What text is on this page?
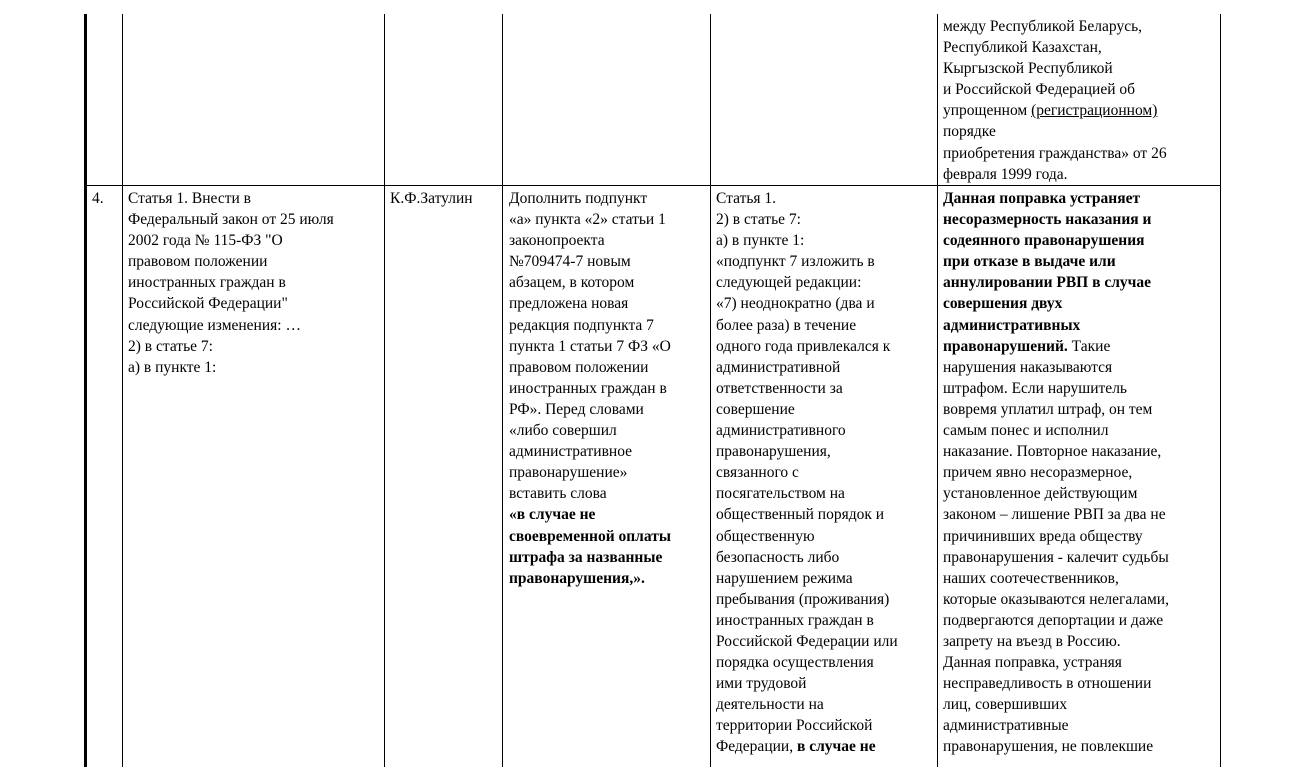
между Республикой Беларусь,
Республикой Казахстан,
Кыргызской Республикой
и Российской Федерацией об
упрощенном (регистрационном)
порядке
приобретения гражданства» от 26
февраля 1999 года.
4.	Статья 1. Внести в
Федеральный закон от 25 июля
2002 года № 115-ФЗ "О
правовом положении
иностранных граждан в
Российской Федерации"
следующие изменения: …
2) в статье 7:
а) в пункте 1:
К.Ф.Затулин	Дополнить подпункт
«а» пункта «2» статьи 1
законопроекта
№709474-7 новым
абзацем, в котором
предложена новая
редакция подпункта 7
пункта 1 статьи 7 ФЗ «О
правовом положении
иностранных граждан в
РФ». Перед словами
«либо совершил
административное
правонарушение»
вставить слова
«в случае не
своевременной оплаты
штрафа за названные
правонарушения,».
Статья 1.
2) в статье 7:
а) в пункте 1:
«подпункт 7 изложить в
следующей редакции:
«7) неоднократно (два и
более раза) в течение
одного года привлекался к
административной
ответственности за
совершение
административного
правонарушения,
связанного с
посягательством на
общественный порядок и
общественную
безопасность либо
нарушением режима
пребывания (проживания)
иностранных граждан в
Российской Федерации или
порядка осуществления
ими трудовой
деятельности на
территории Российской
Федерации, в случае не
Данная поправка устраняет
несоразмерность наказания и
содеянного правонарушения
при отказе в выдаче или
аннулировании РВП в случае
совершения двух
административных
правонарушений. Такие
нарушения наказываются
штрафом. Если нарушитель
вовремя уплатил штраф, он тем
самым понес и исполнил
наказание. Повторное наказание,
причем явно несоразмерное,
установленное действующим
законом – лишение РВП за два не
причинивших вреда обществу
правонарушения - калечит судьбы
наших соотечественников,
которые оказываются нелегалами,
подвергаются депортации и даже
запрету на въезд в Россию.
Данная поправка, устраняя
несправедливость в отношении
лиц, совершивших
административные
правонарушения, не повлекшие
